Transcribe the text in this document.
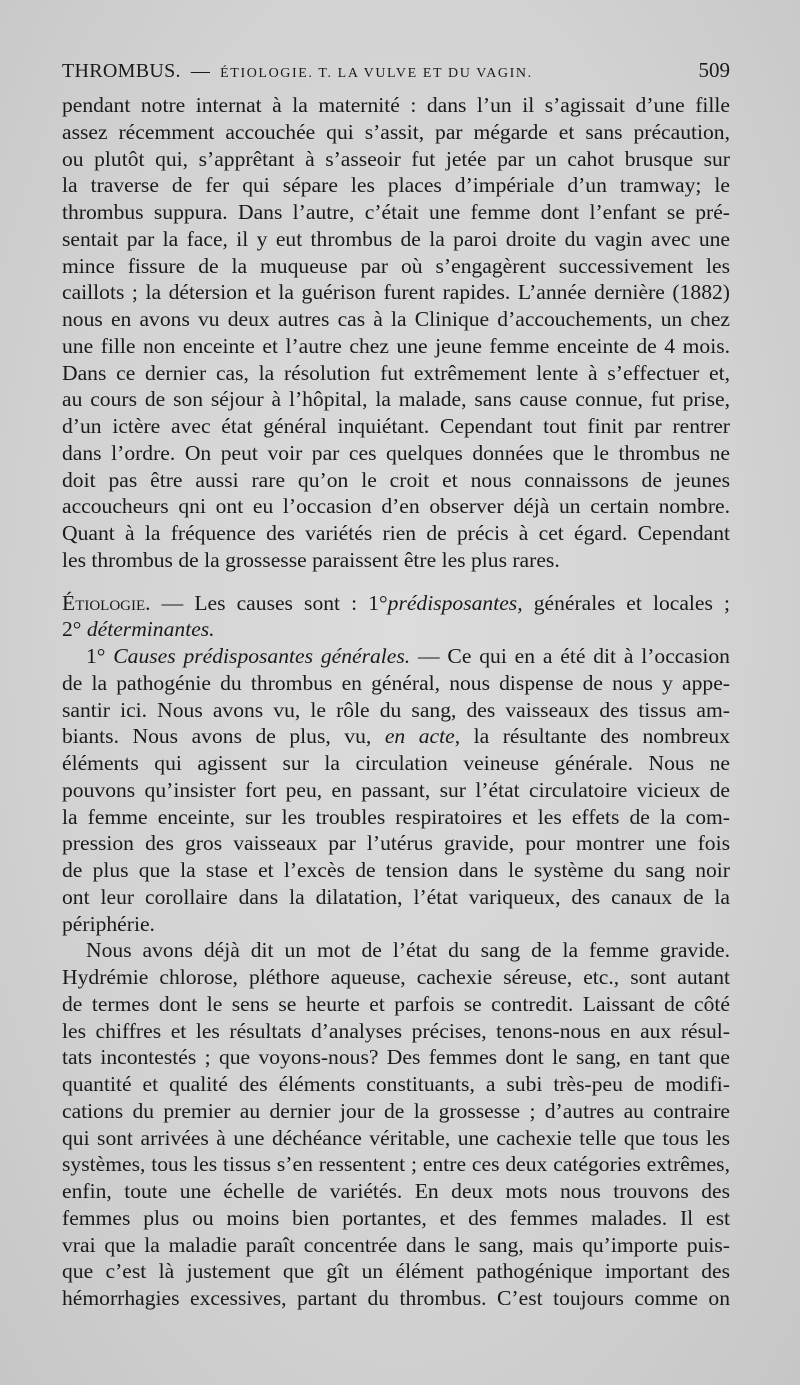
THROMBUS. — ÉTIOLOGIE. T. LA VULVE ET DU VAGIN.	509
pendant notre internat à la maternité : dans l’un il s’agissait d’une fille
assez récemment accouchée qui s’assit, par mégarde et sans précaution,
ou plutôt qui, s’apprêtant à s’asseoir fut jetée par un cahot brusque sur
la traverse de fer qui sépare les places d’impériale d’un tramway; le
thrombus suppura. Dans l’autre, c’était une femme dont l’enfant se pré-
sentait par la face, il y eut thrombus de la paroi droite du vagin avec une
mince fissure de la muqueuse par où s’engagèrent successivement les
caillots ; la détersion et la guérison furent rapides. L’année dernière (1882)
nous en avons vu deux autres cas à la Clinique d’accouchements, un chez
une fille non enceinte et l’autre chez une jeune femme enceinte de 4 mois.
Dans ce dernier cas, la résolution fut extrêmement lente à s’effectuer et,
au cours de son séjour à l’hôpital, la malade, sans cause connue, fut prise,
d’un ictère avec état général inquiétant. Cependant tout finit par rentrer
dans l’ordre. On peut voir par ces quelques données que le thrombus ne
doit pas être aussi rare qu’on le croit et nous connaissons de jeunes
accoucheurs qni ont eu l’occasion d’en observer déjà un certain nombre.
Quant à la fréquence des variétés rien de précis à cet égard. Cependant
les thrombus de la grossesse paraissent être les plus rares.
Étiologie. — Les causes sont : 1°prédisposantes, générales et locales ;
2° déterminantes.
1° Causes prédisposantes générales. — Ce qui en a été dit à l’occasion
de la pathogénie du thrombus en général, nous dispense de nous y appe-
santir ici. Nous avons vu, le rôle du sang, des vaisseaux des tissus am-
biants. Nous avons de plus, vu, en acte, la résultante des nombreux
éléments qui agissent sur la circulation veineuse générale. Nous ne
pouvons qu’insister fort peu, en passant, sur l’état circulatoire vicieux de
la femme enceinte, sur les troubles respiratoires et les effets de la com-
pression des gros vaisseaux par l’utérus gravide, pour montrer une fois
de plus que la stase et l’excès de tension dans le système du sang noir
ont leur corollaire dans la dilatation, l’état variqueux, des canaux de la
périphérie.
Nous avons déjà dit un mot de l’état du sang de la femme gravide.
Hydrémie chlorose, pléthore aqueuse, cachexie séreuse, etc., sont autant
de termes dont le sens se heurte et parfois se contredit. Laissant de côté
les chiffres et les résultats d’analyses précises, tenons-nous en aux résul-
tats incontestés ; que voyons-nous? Des femmes dont le sang, en tant que
quantité et qualité des éléments constituants, a subi très-peu de modifi-
cations du premier au dernier jour de la grossesse ; d’autres au contraire
qui sont arrivées à une déchéance véritable, une cachexie telle que tous les
systèmes, tous les tissus s’en ressentent ; entre ces deux catégories extrêmes,
enfin, toute une échelle de variétés. En deux mots nous trouvons des
femmes plus ou moins bien portantes, et des femmes malades. Il est
vrai que la maladie paraît concentrée dans le sang, mais qu’importe puis-
que c’est là justement que gît un élément pathogénique important des
hémorrhagies excessives, partant du thrombus. C’est toujours comme on
